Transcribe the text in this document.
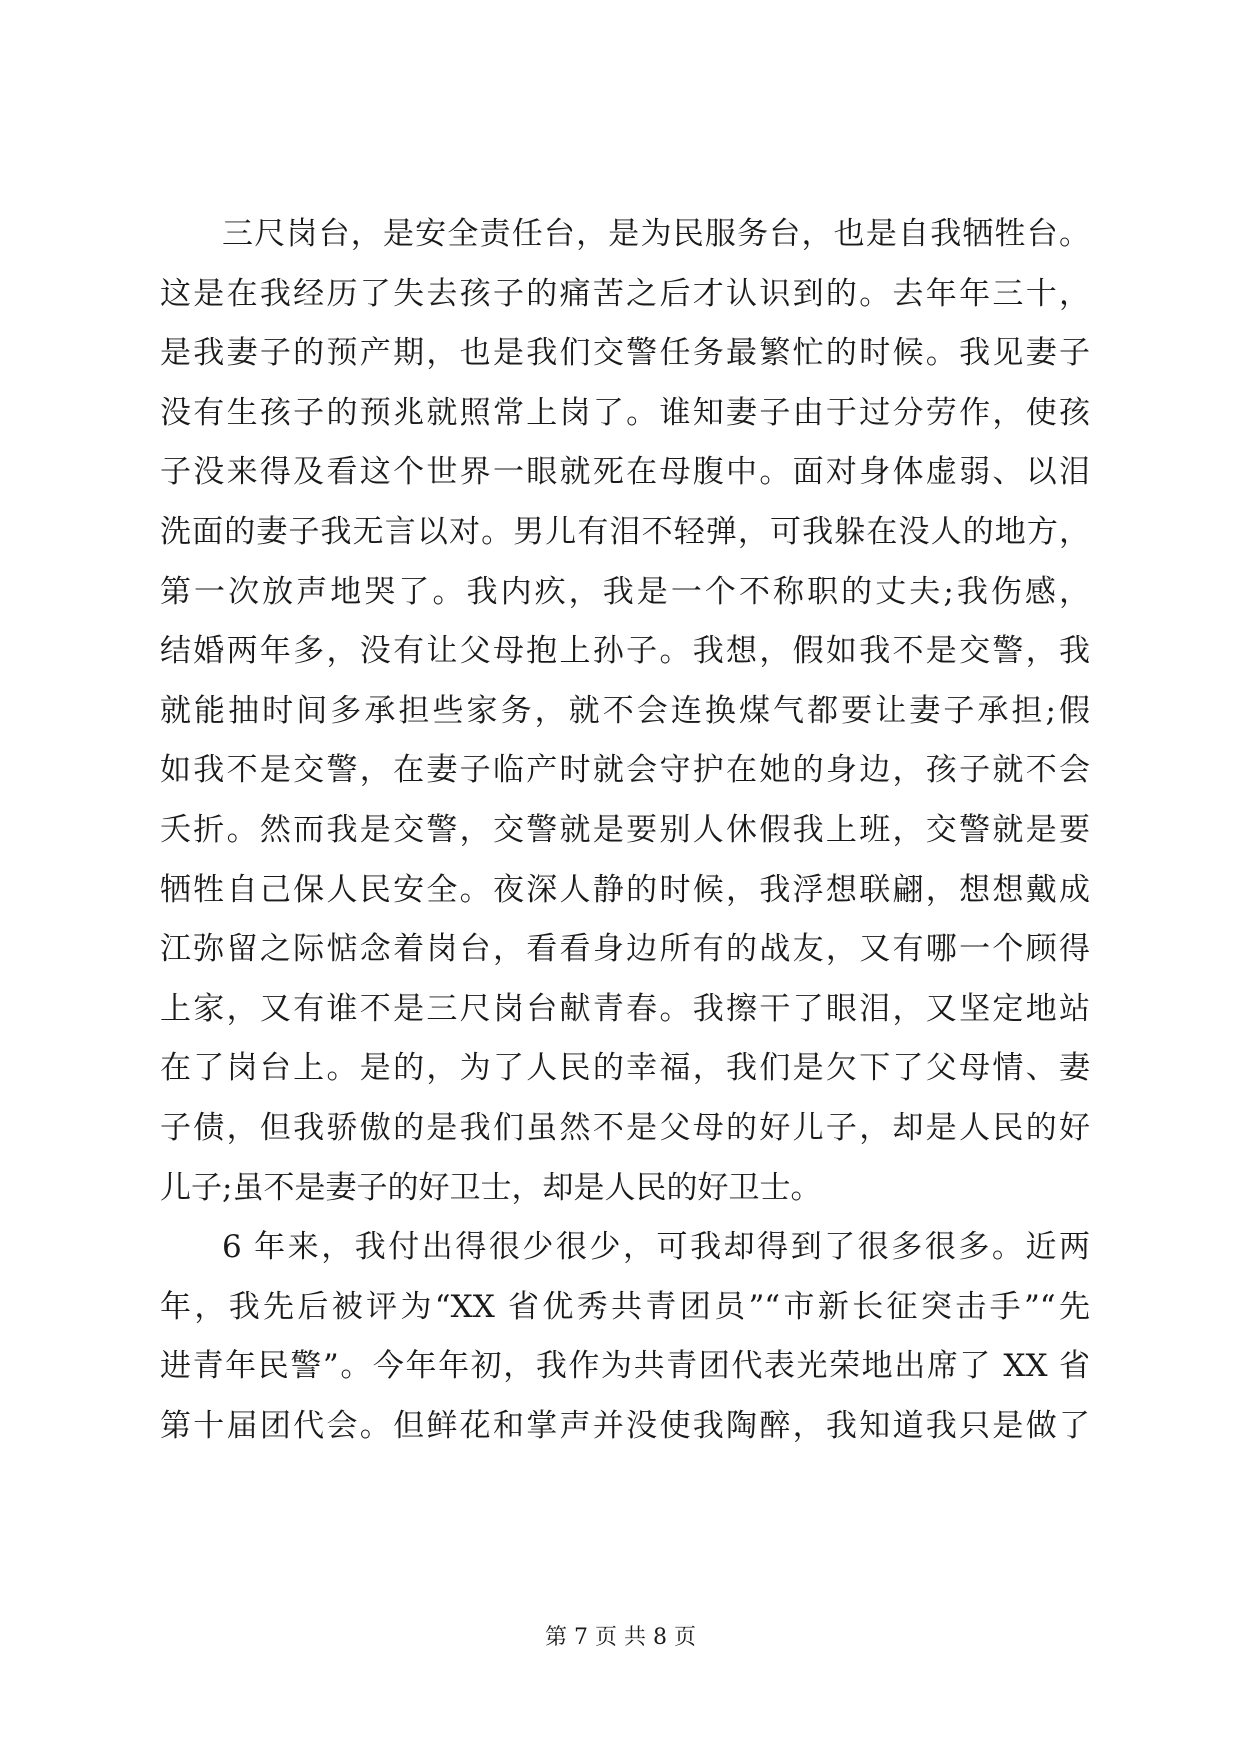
三尺岗台，是安全责任台，是为民服务台，也是自我牺牲台。
这是在我经历了失去孩子的痛苦之后才认识到的。去年年三十，
是我妻子的预产期，也是我们交警任务最繁忙的时候。我见妻子
没有生孩子的预兆就照常上岗了。谁知妻子由于过分劳作，使孩
子没来得及看这个世界一眼就死在母腹中。面对身体虚弱、以泪
洗面的妻子我无言以对。男儿有泪不轻弹，可我躲在没人的地方，
第一次放声地哭了。我内疚，我是一个不称职的丈夫;我伤感，
结婚两年多，没有让父母抱上孙子。我想，假如我不是交警，我
就能抽时间多承担些家务，就不会连换煤气都要让妻子承担;假
如我不是交警，在妻子临产时就会守护在她的身边，孩子就不会
夭折。然而我是交警，交警就是要别人休假我上班，交警就是要
牺牲自己保人民安全。夜深人静的时候，我浮想联翩，想想戴成
江弥留之际惦念着岗台，看看身边所有的战友，又有哪一个顾得
上家，又有谁不是三尺岗台献青春。我擦干了眼泪，又坚定地站
在了岗台上。是的，为了人民的幸福，我们是欠下了父母情、妻
子债，但我骄傲的是我们虽然不是父母的好儿子，却是人民的好
儿子;虽不是妻子的好卫士，却是人民的好卫士。
6 年来，我付出得很少很少，可我却得到了很多很多。近两
年，我先后被评为“XX 省优秀共青团员”“市新长征突击手”“先
进青年民警”。今年年初，我作为共青团代表光荣地出席了 XX 省
第十届团代会。但鲜花和掌声并没使我陶醉，我知道我只是做了
第 7 页 共 8 页
